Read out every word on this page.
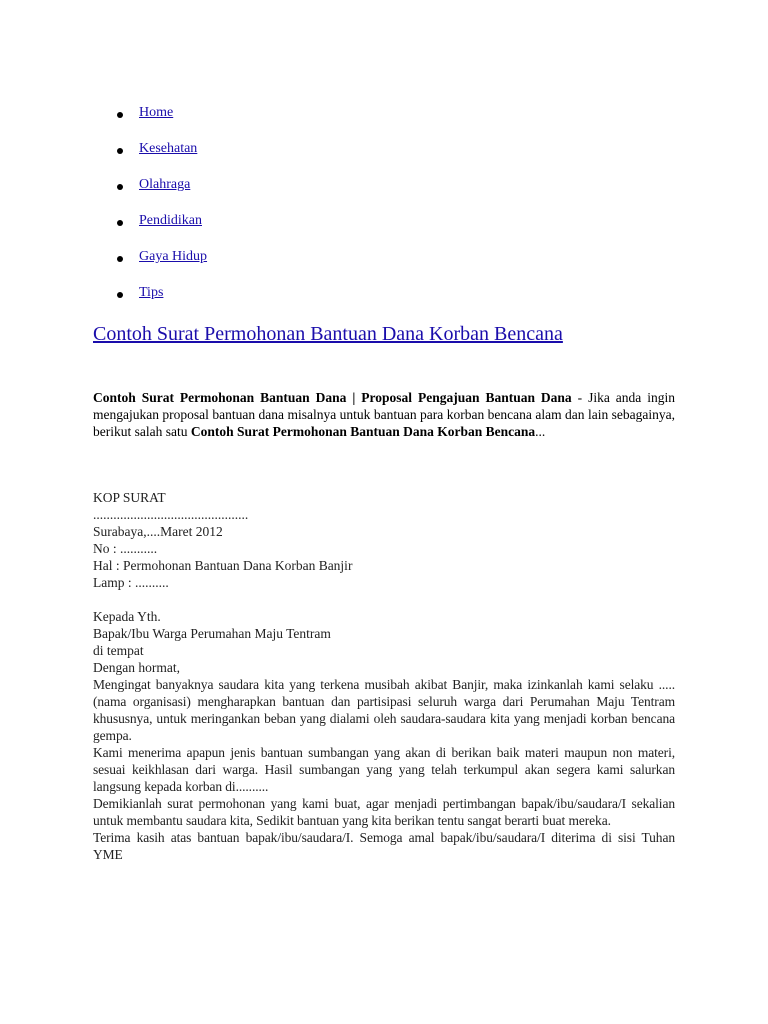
Home
Kesehatan
Olahraga
Pendidikan
Gaya Hidup
Tips
Contoh Surat Permohonan Bantuan Dana Korban Bencana

Contoh Surat Permohonan Bantuan Dana | Proposal Pengajuan Bantuan Dana - Jika anda ingin mengajukan proposal bantuan dana misalnya untuk bantuan para korban bencana alam dan lain sebagainya, berikut salah satu Contoh Surat Permohonan Bantuan Dana Korban Bencana...

KOP SURAT
..............................................
Surabaya,....Maret 2012
No : ...........
Hal : Permohonan Bantuan Dana Korban Banjir
Lamp : ..........
Kepada Yth.
Bapak/Ibu Warga Perumahan Maju Tentram
di tempat
Dengan hormat,
Mengingat banyaknya saudara kita yang terkena musibah akibat Banjir, maka izinkanlah kami selaku .....(nama organisasi) mengharapkan bantuan dan partisipasi seluruh warga dari Perumahan Maju Tentram khususnya, untuk meringankan beban yang dialami oleh saudara-saudara kita yang menjadi korban bencana gempa.
Kami menerima apapun jenis bantuan sumbangan yang akan di berikan baik materi maupun non materi, sesuai keikhlasan dari warga. Hasil sumbangan yang yang telah terkumpul akan segera kami salurkan langsung kepada korban di..........
Demikianlah surat permohonan yang kami buat, agar menjadi pertimbangan bapak/ibu/saudara/I sekalian untuk membantu saudara kita, Sedikit bantuan yang kita berikan tentu sangat berarti buat mereka.
Terima kasih atas bantuan bapak/ibu/saudara/I. Semoga amal bapak/ibu/saudara/I diterima di sisi Tuhan YME
